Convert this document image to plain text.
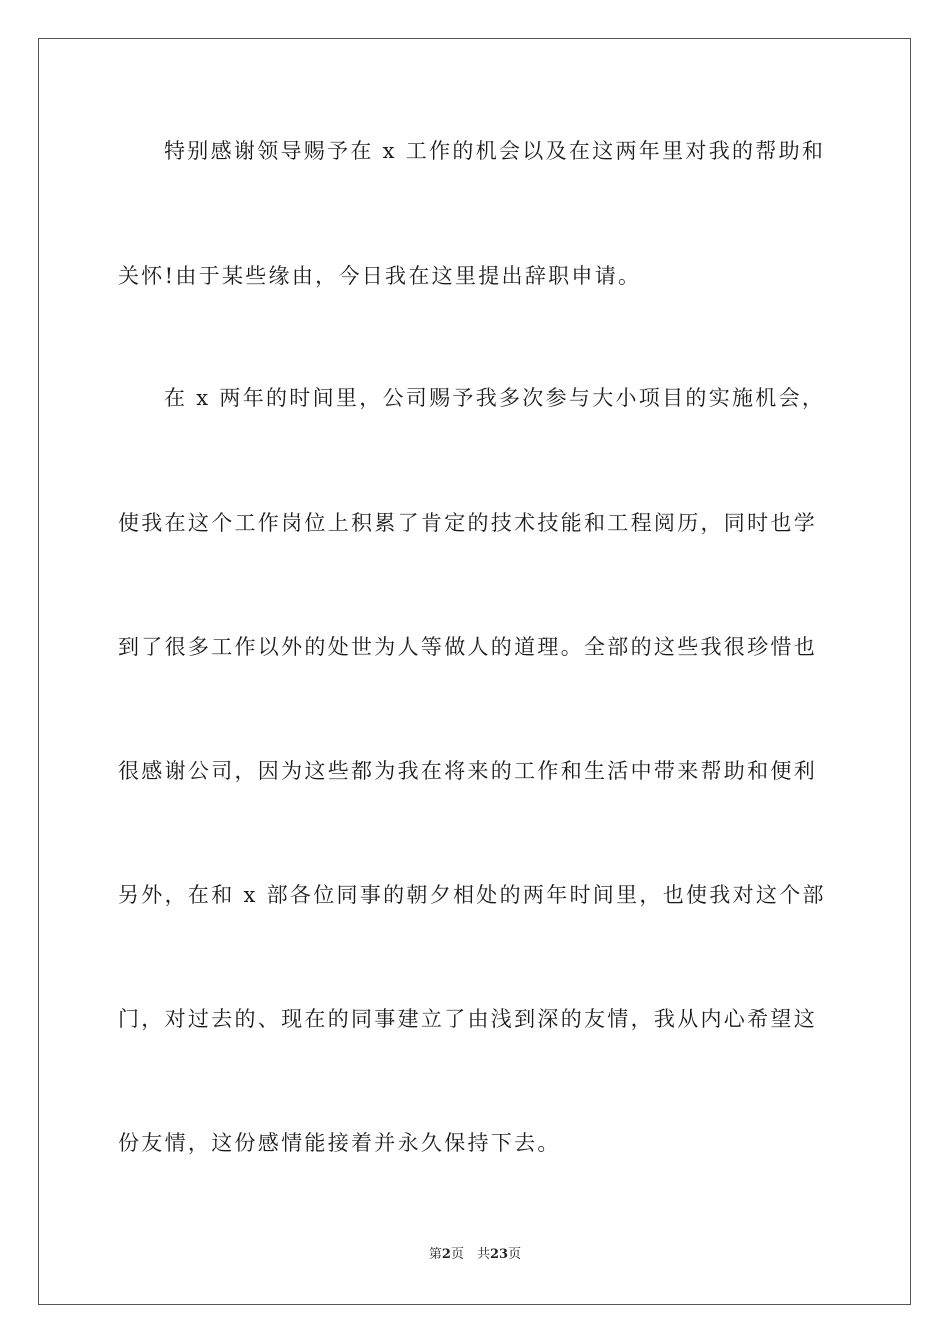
特别感谢领导赐予在 x 工作的机会以及在这两年里对我的帮助和
关怀!由于某些缘由，今日我在这里提出辞职申请。
在 x 两年的时间里，公司赐予我多次参与大小项目的实施机会，
使我在这个工作岗位上积累了肯定的技术技能和工程阅历，同时也学
到了很多工作以外的处世为人等做人的道理。全部的这些我很珍惜也
很感谢公司，因为这些都为我在将来的工作和生活中带来帮助和便利
另外，在和 x 部各位同事的朝夕相处的两年时间里，也使我对这个部
门，对过去的、现在的同事建立了由浅到深的友情，我从内心希望这
份友情，这份感情能接着并永久保持下去。
第2页　共23页
